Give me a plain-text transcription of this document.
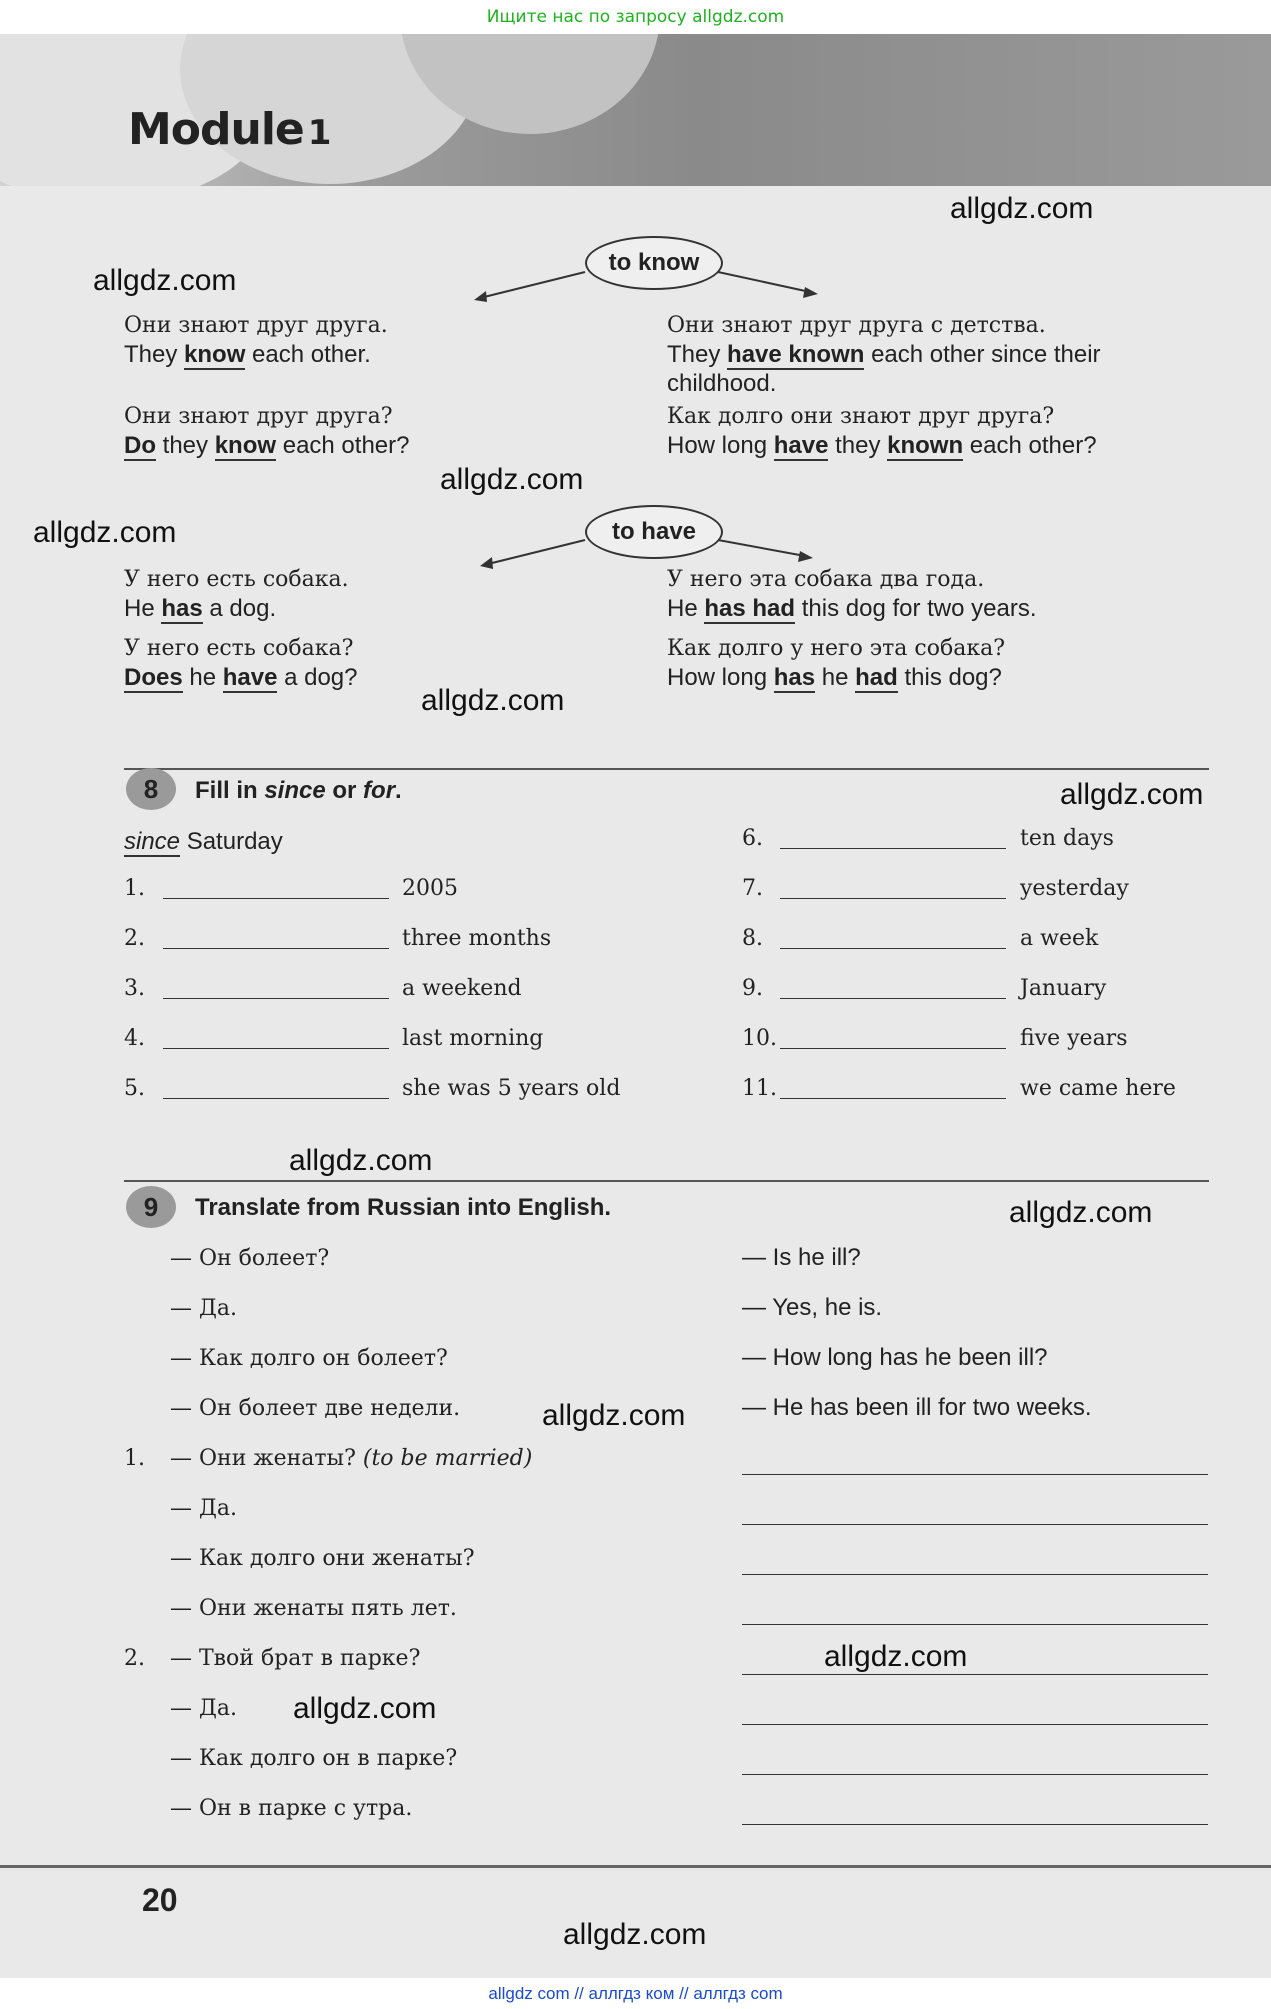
Ищите нас по запросу allgdz.com
Module 1
to know
Они знают друг друга.
They know each other.
Они знают друг друга?
Do they know each other?
Они знают друг друга с детства.
They have known each other since their
childhood.
Как долго они знают друг друга?
How long have they known each other?
to have
У него есть собака.
He has a dog.
У него есть собака?
Does he have a dog?
У него эта собака два года.
He has had this dog for two years.
Как долго у него эта собака?
How long has he had this dog?
8	Fill in since or for.
since Saturday
1.	2005
2.	three months
3.	a weekend
4.	last morning
5.	she was 5 years old
6.	ten days
7.	yesterday
8.	a week
9.	January
10.	five years
11.	we came here
9	Translate from Russian into English.
— Он болеет?
— Да.
— Как долго он болеет?
— Он болеет две недели.
— Is he ill?
— Yes, he is.
— How long has he been ill?
— He has been ill for two weeks.
1. — Они женаты? (to be married)
— Да.
— Как долго они женаты?
— Они женаты пять лет.
2. — Твой брат в парке?
— Да.
— Как долго он в парке?
— Он в парке с утра.
20
allgdz.com
allgdz.com
allgdz.com
allgdz.com
allgdz.com
allgdz.com
allgdz.com
allgdz.com
allgdz.com
allgdz.com
allgdz.com
allgdz.com
allgdz com // аллгдз ком // аллгдз com
